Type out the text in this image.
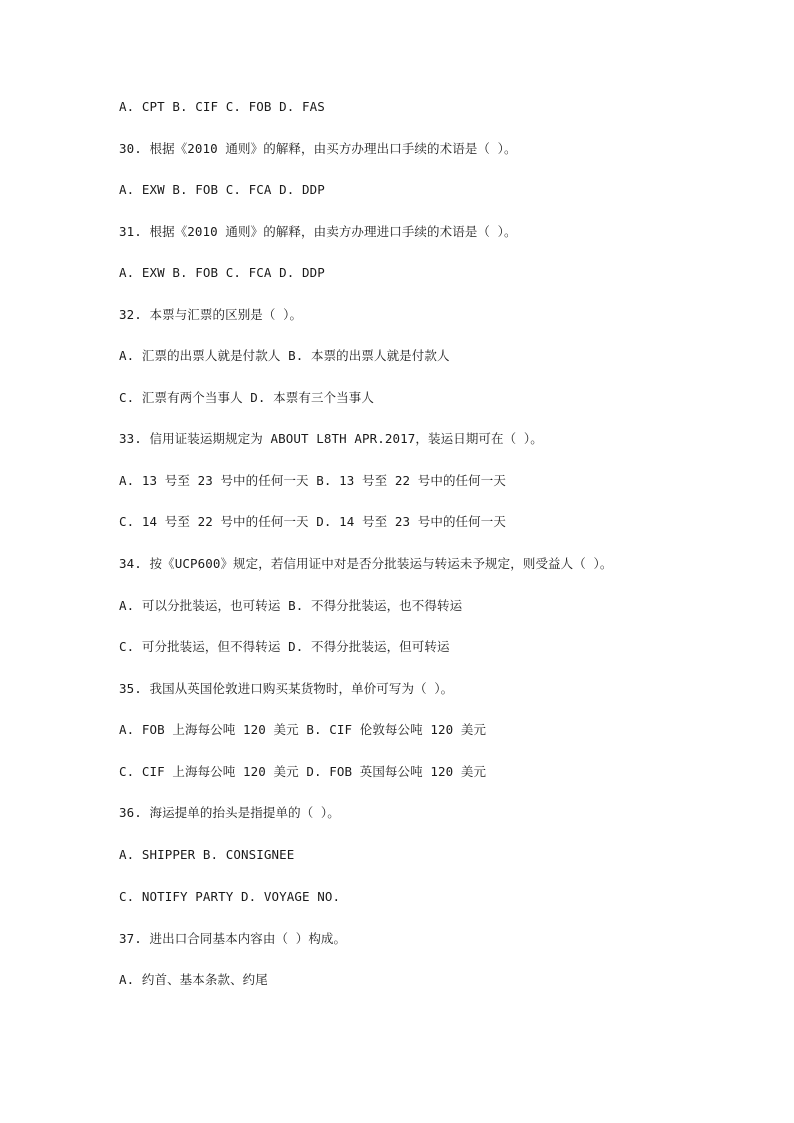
A. CPT B. CIF C. FOB D. FAS
30. 根据《2010 通则》的解释，由买方办理出口手续的术语是（ ）。
A. EXW B. FOB C. FCA D. DDP
31. 根据《2010 通则》的解释，由卖方办理进口手续的术语是（ ）。
A. EXW B. FOB C. FCA D. DDP
32. 本票与汇票的区别是（ ）。
A. 汇票的出票人就是付款人 B. 本票的出票人就是付款人
C. 汇票有两个当事人 D. 本票有三个当事人
33. 信用证装运期规定为 ABOUT L8TH APR.2017，装运日期可在（ ）。
A. 13 号至 23 号中的任何一天 B. 13 号至 22 号中的任何一天
C. 14 号至 22 号中的任何一天 D. 14 号至 23 号中的任何一天
34. 按《UCP600》规定，若信用证中对是否分批装运与转运未予规定，则受益人（ ）。
A. 可以分批装运，也可转运 B. 不得分批装运，也不得转运
C. 可分批装运，但不得转运 D. 不得分批装运，但可转运
35. 我国从英国伦敦进口购买某货物时，单价可写为（ ）。
A. FOB 上海每公吨 120 美元 B. CIF 伦敦每公吨 120 美元
C. CIF 上海每公吨 120 美元 D. FOB 英国每公吨 120 美元
36. 海运提单的抬头是指提单的（ ）。
A. SHIPPER B. CONSIGNEE
C. NOTIFY PARTY D. VOYAGE NO.
37. 进出口合同基本内容由（ ）构成。
A. 约首、基本条款、约尾
